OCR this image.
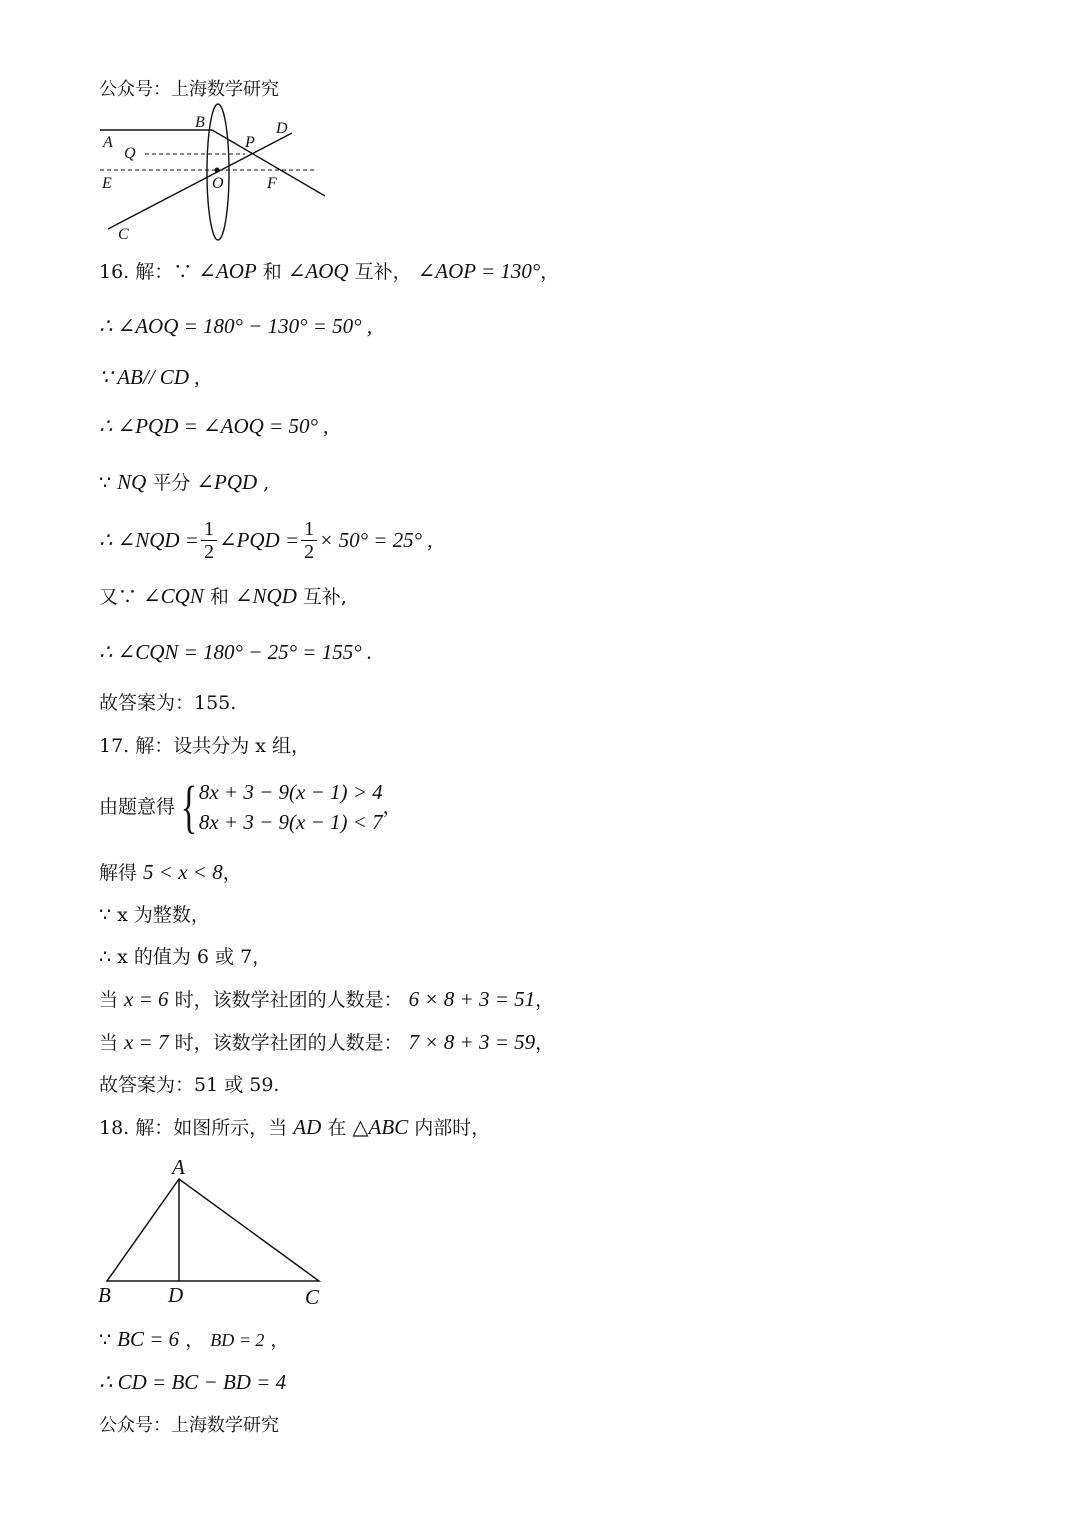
公众号：上海数学研究
A
B
P
D
Q
E	O	F
C
16. 解：∵ ∠AOP 和 ∠AOQ 互补， ∠AOP = 130°，
∴ ∠AOQ = 180° − 130° = 50° ,
∵ AB// CD ,
∴ ∠PQD = ∠AOQ = 50° ,
∵ NQ 平分 ∠PQD ,
∴ ∠NQD = $\frac{1}{2}$ ∠PQD = $\frac{1}{2} \times 50^\circ = 25^\circ$ ,
又∵ ∠CQN 和 ∠NQD 互补,
∴ ∠CQN = 180° − 25° = 155° .
故答案为：155.
17. 解：设共分为 x 组，
由题意得 { 8x + 3 − 9(x − 1) > 4
8x + 3 − 9(x − 1) < 7
，
解得 5 < x < 8，
∵ x 为整数，
∴ x 的值为 6 或 7，
当 x = 6 时，该数学社团的人数是： 6 × 8 + 3 = 51，
当 x = 7 时，该数学社团的人数是： 7 × 8 + 3 = 59，
故答案为：51 或 59.
18. 解：如图所示，当 AD 在 △ABC 内部时，
A
B	D	C
∵ BC = 6 ， BD = 2 ，
∴ CD = BC − BD = 4
公众号：上海数学研究
